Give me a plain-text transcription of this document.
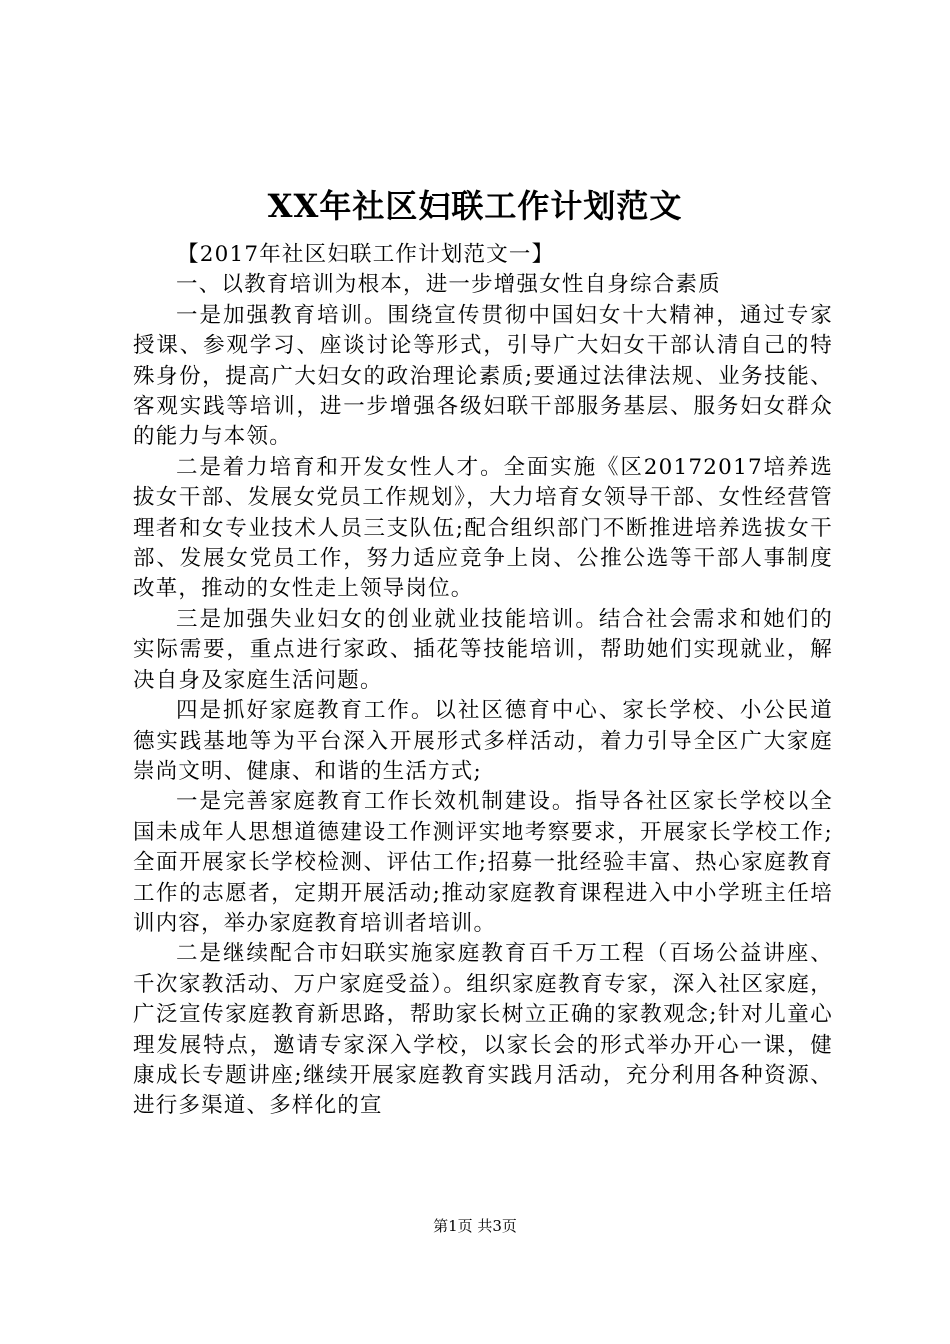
XX年社区妇联工作计划范文

【2017年社区妇联工作计划范文一】

一、以教育培训为根本，进一步增强女性自身综合素质

一是加强教育培训。围绕宣传贯彻中国妇女十大精神，通过专家授课、参观学习、座谈讨论等形式，引导广大妇女干部认清自己的特殊身份，提高广大妇女的政治理论素质;要通过法律法规、业务技能、客观实践等培训，进一步增强各级妇联干部服务基层、服务妇女群众的能力与本领。

二是着力培育和开发女性人才。全面实施《区20172017培养选拔女干部、发展女党员工作规划》，大力培育女领导干部、女性经营管理者和女专业技术人员三支队伍;配合组织部门不断推进培养选拔女干部、发展女党员工作，努力适应竞争上岗、公推公选等干部人事制度改革，推动的女性走上领导岗位。

三是加强失业妇女的创业就业技能培训。结合社会需求和她们的实际需要，重点进行家政、插花等技能培训，帮助她们实现就业，解决自身及家庭生活问题。

四是抓好家庭教育工作。以社区德育中心、家长学校、小公民道德实践基地等为平台深入开展形式多样活动，着力引导全区广大家庭崇尚文明、健康、和谐的生活方式;

一是完善家庭教育工作长效机制建设。指导各社区家长学校以全国未成年人思想道德建设工作测评实地考察要求，开展家长学校工作;全面开展家长学校检测、评估工作;招募一批经验丰富、热心家庭教育工作的志愿者，定期开展活动;推动家庭教育课程进入中小学班主任培训内容，举办家庭教育培训者培训。

二是继续配合市妇联实施家庭教育百千万工程（百场公益讲座、千次家教活动、万户家庭受益）。组织家庭教育专家，深入社区家庭，广泛宣传家庭教育新思路，帮助家长树立正确的家教观念;针对儿童心理发展特点，邀请专家深入学校，以家长会的形式举办开心一课，健康成长专题讲座;继续开展家庭教育实践月活动，充分利用各种资源、进行多渠道、多样化的宣

第1页 共3页
